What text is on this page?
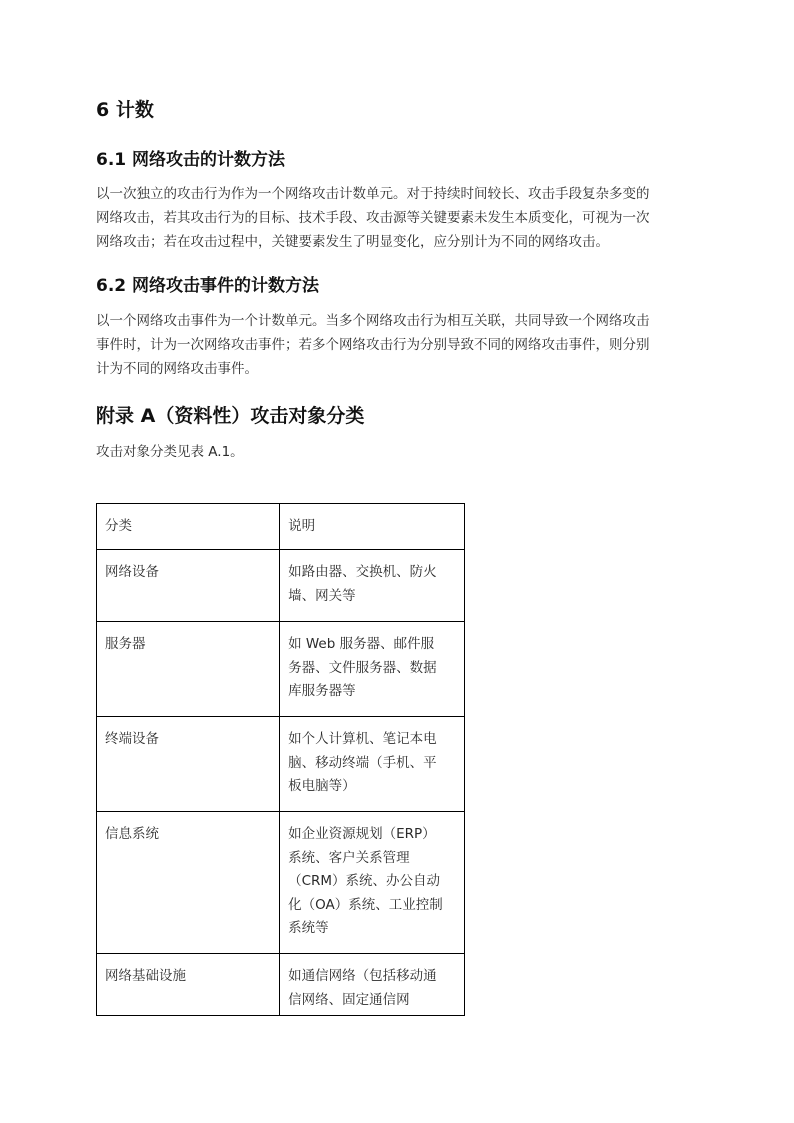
6 计数
6.1 网络攻击的计数方法

以一次独立的攻击行为作为一个网络攻击计数单元。对于持续时间较长、攻击手段复杂多变的
网络攻击，若其攻击行为的目标、技术手段、攻击源等关键要素未发生本质变化，可视为一次
网络攻击；若在攻击过程中，关键要素发生了明显变化，应分别计为不同的网络攻击。

6.2 网络攻击事件的计数方法

以一个网络攻击事件为一个计数单元。当多个网络攻击行为相互关联，共同导致一个网络攻击
事件时，计为一次网络攻击事件；若多个网络攻击行为分别导致不同的网络攻击事件，则分别
计为不同的网络攻击事件。

附录 A（资料性）攻击对象分类

攻击对象分类见表 A.1。

分类	说明
网络设备	如路由器、交换机、防火
墙、网关等

服务器	如 Web 服务器、邮件服
务器、文件服务器、数据
库服务器等

终端设备	如个人计算机、笔记本电
脑、移动终端（手机、平
板电脑等）

信息系统	如企业资源规划（ERP）
系统、客户关系管理
（CRM）系统、办公自动
化（OA）系统、工业控制
系统等

网络基础设施	如通信网络（包括移动通
信网络、固定通信网
